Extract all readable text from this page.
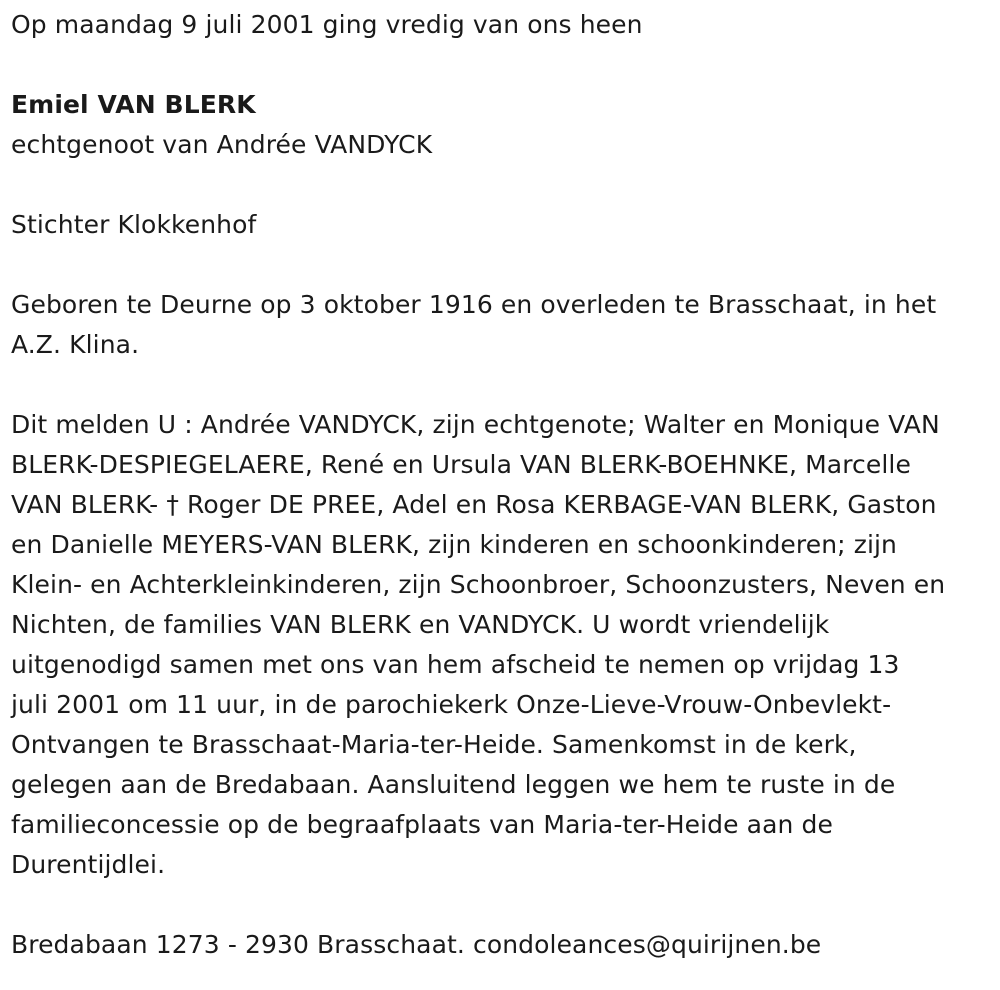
Op maandag 9 juli 2001 ging vredig van ons heen
Emiel VAN BLERK
echtgenoot van Andrée VANDYCK
Stichter Klokkenhof
Geboren te Deurne op 3 oktober 1916 en overleden te Brasschaat, in het
A.Z. Klina.
Dit melden U : Andrée VANDYCK, zijn echtgenote; Walter en Monique VAN
BLERK-DESPIEGELAERE, René en Ursula VAN BLERK-BOEHNKE, Marcelle
VAN BLERK- † Roger DE PREE, Adel en Rosa KERBAGE-VAN BLERK, Gaston
en Danielle MEYERS-VAN BLERK, zijn kinderen en schoonkinderen; zijn
Klein- en Achterkleinkinderen, zijn Schoonbroer, Schoonzusters, Neven en
Nichten, de families VAN BLERK en VANDYCK. U wordt vriendelijk
uitgenodigd samen met ons van hem afscheid te nemen op vrijdag 13
juli 2001 om 11 uur, in de parochiekerk Onze-Lieve-Vrouw-Onbevlekt-
Ontvangen te Brasschaat-Maria-ter-Heide. Samenkomst in de kerk,
gelegen aan de Bredabaan. Aansluitend leggen we hem te ruste in de
familieconcessie op de begraafplaats van Maria-ter-Heide aan de
Durentijdlei.
Bredabaan 1273 - 2930 Brasschaat. condoleances@quirijnen.be
